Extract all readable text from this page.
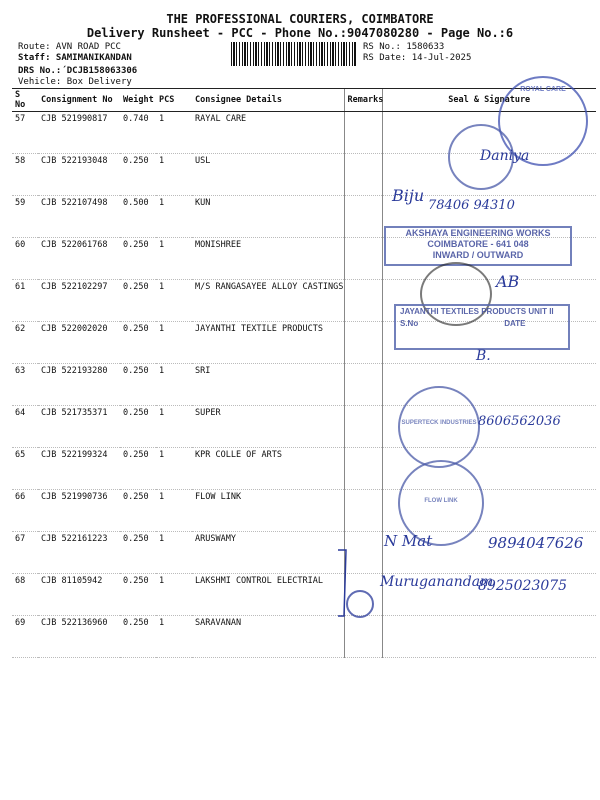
THE PROFESSIONAL COURIERS, COIMBATORE
Delivery Runsheet - PCC - Phone No.:9047080280 - Page No.:6
Route: AVN ROAD PCC
Staff: SAMIMANIKANDAN
DRS No.:´DCJB158063306
Vehicle: Box Delivery
RS No.: 1580633
RS Date: 14-Jul-2025
S No	Consignment No	Weight	PCS	Consignee Details	Remarks	Seal & Signature
57	CJB 521990817	0.740	1	RAYAL CARE		
58	CJB 522193048	0.250	1	USL		
59	CJB 522107498	0.500	1	KUN		
60	CJB 522061768	0.250	1	MONISHREE		
61	CJB 522102297	0.250	1	M/S RANGASAYEE ALLOY CASTINGS		
62	CJB 522002020	0.250	1	JAYANTHI TEXTILE PRODUCTS		
63	CJB 522193280	0.250	1	SRI		
64	CJB 521735371	0.250	1	SUPER		
65	CJB 522199324	0.250	1	KPR COLLE OF ARTS		
66	CJB 521990736	0.250	1	FLOW LINK		
67	CJB 522161223	0.250	1	ARUSWAMY		
68	CJB 81105942	0.250	1	LAKSHMI CONTROL ELECTRIAL		
69	CJB 522136960	0.250	1	SARAVANAN		
ROYAL CARE
Daniya
Biju
78406 94310
AKSHAYA ENGINEERING WORKS
COIMBATORE - 641 048
INWARD / OUTWARD
AB
JAYANTHI TEXTILES PRODUCTS UNIT II
S.No	DATE
B.
SUPERTECK INDUSTRIES 8606562036
FLOW LINK
N Mat	9894047626
Muruganandam
8925023075
